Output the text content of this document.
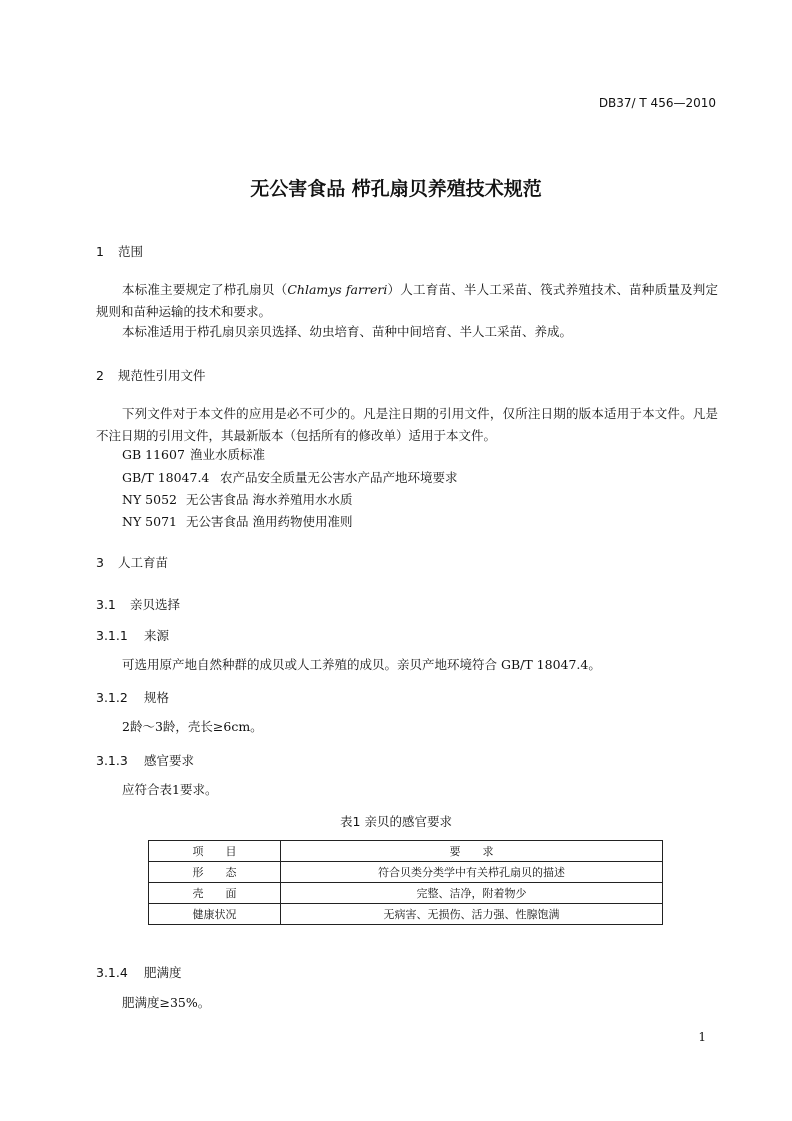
DB37/ T 456—2010
无公害食品 栉孔扇贝养殖技术规范
1 范围
本标准主要规定了栉孔扇贝（Chlamys farreri）人工育苗、半人工采苗、筏式养殖技术、苗种质量及判定规则和苗种运输的技术和要求。
本标准适用于栉孔扇贝亲贝选择、幼虫培育、苗种中间培育、半人工采苗、养成。
2 规范性引用文件
下列文件对于本文件的应用是必不可少的。凡是注日期的引用文件，仅所注日期的版本适用于本文件。凡是不注日期的引用文件，其最新版本（包括所有的修改单）适用于本文件。
GB 11607 渔业水质标准
GB/T 18047.4 农产品安全质量无公害水产品产地环境要求
NY 5052 无公害食品 海水养殖用水水质
NY 5071 无公害食品 渔用药物使用准则
3 人工育苗
3.1 亲贝选择
3.1.1 来源
可选用原产地自然种群的成贝或人工养殖的成贝。亲贝产地环境符合 GB/T 18047.4。
3.1.2 规格
2龄～3龄，壳长≥6cm。
3.1.3 感官要求
应符合表1要求。
表1 亲贝的感官要求
项　　目	要　　求
形　　态	符合贝类分类学中有关栉孔扇贝的描述
壳　　面	完整、洁净，附着物少
健康状况	无病害、无损伤、活力强、性腺饱满
3.1.4 肥满度
肥满度≥35%。
1
